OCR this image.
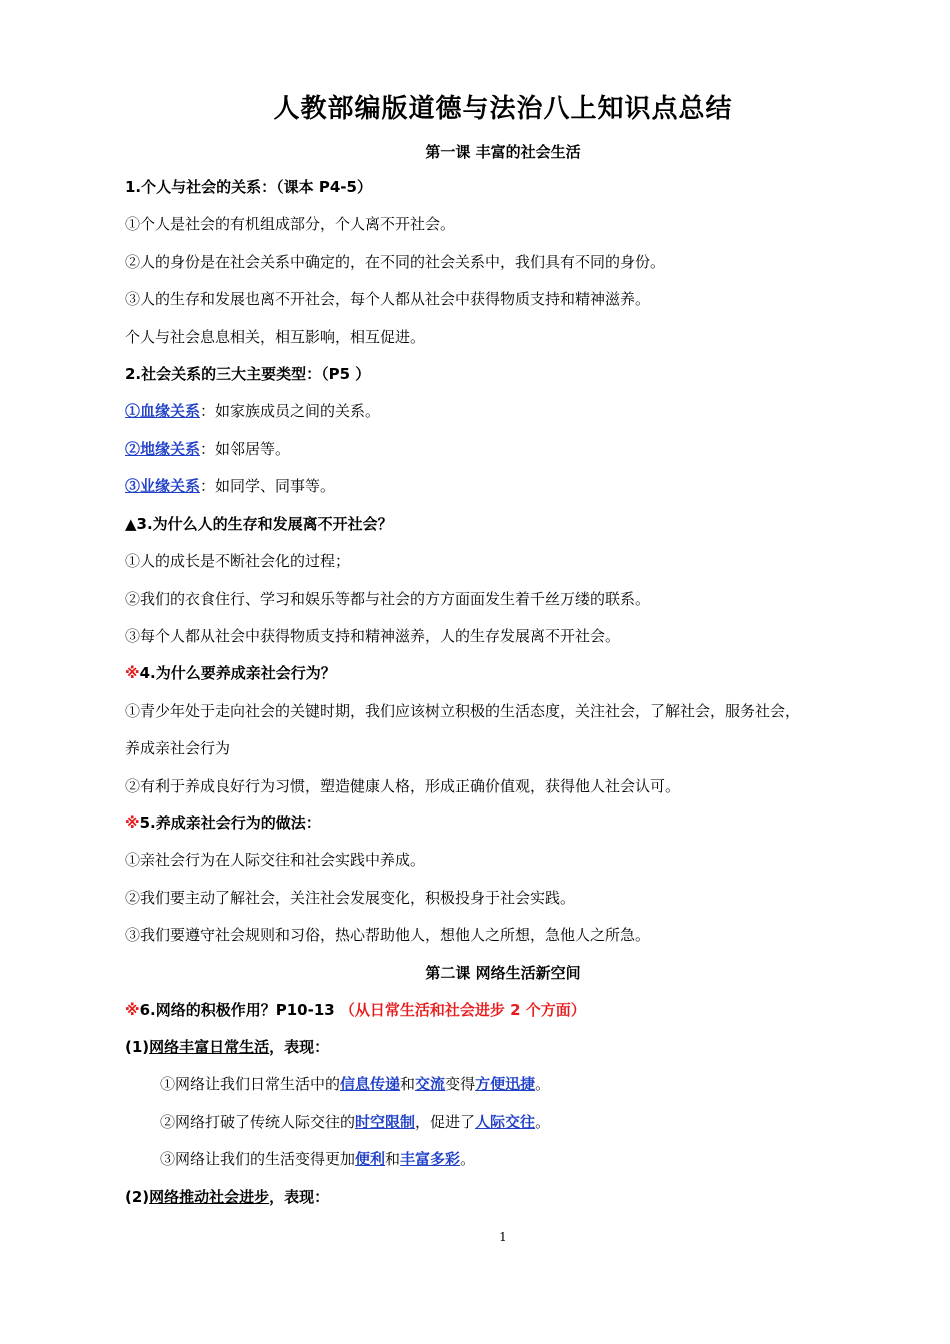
人教部编版道德与法治八上知识点总结
第一课 丰富的社会生活
1.个人与社会的关系：（课本 P4-5）
①个人是社会的有机组成部分，个人离不开社会。
②人的身份是在社会关系中确定的，在不同的社会关系中，我们具有不同的身份。
③人的生存和发展也离不开社会，每个人都从社会中获得物质支持和精神滋养。
个人与社会息息相关，相互影响，相互促进。
2.社会关系的三大主要类型：（P5 ）
①血缘关系：如家族成员之间的关系。
②地缘关系：如邻居等。
③业缘关系：如同学、同事等。
▲3.为什么人的生存和发展离不开社会？
①人的成长是不断社会化的过程；
②我们的衣食住行、学习和娱乐等都与社会的方方面面发生着千丝万缕的联系。
③每个人都从社会中获得物质支持和精神滋养，人的生存发展离不开社会。
※4.为什么要养成亲社会行为？
①青少年处于走向社会的关键时期，我们应该树立积极的生活态度，关注社会，了解社会，服务社会，
养成亲社会行为
②有利于养成良好行为习惯，塑造健康人格，形成正确价值观，获得他人社会认可。
※5.养成亲社会行为的做法：
①亲社会行为在人际交往和社会实践中养成。
②我们要主动了解社会，关注社会发展变化，积极投身于社会实践。
③我们要遵守社会规则和习俗，热心帮助他人，想他人之所想，急他人之所急。
第二课 网络生活新空间
※6.网络的积极作用？P10-13 （从日常生活和社会进步 2 个方面）
(1)网络丰富日常生活，表现：
①网络让我们日常生活中的信息传递和交流变得方便迅捷。
②网络打破了传统人际交往的时空限制，促进了人际交往。
③网络让我们的生活变得更加便利和丰富多彩。
(2)网络推动社会进步，表现：
1
